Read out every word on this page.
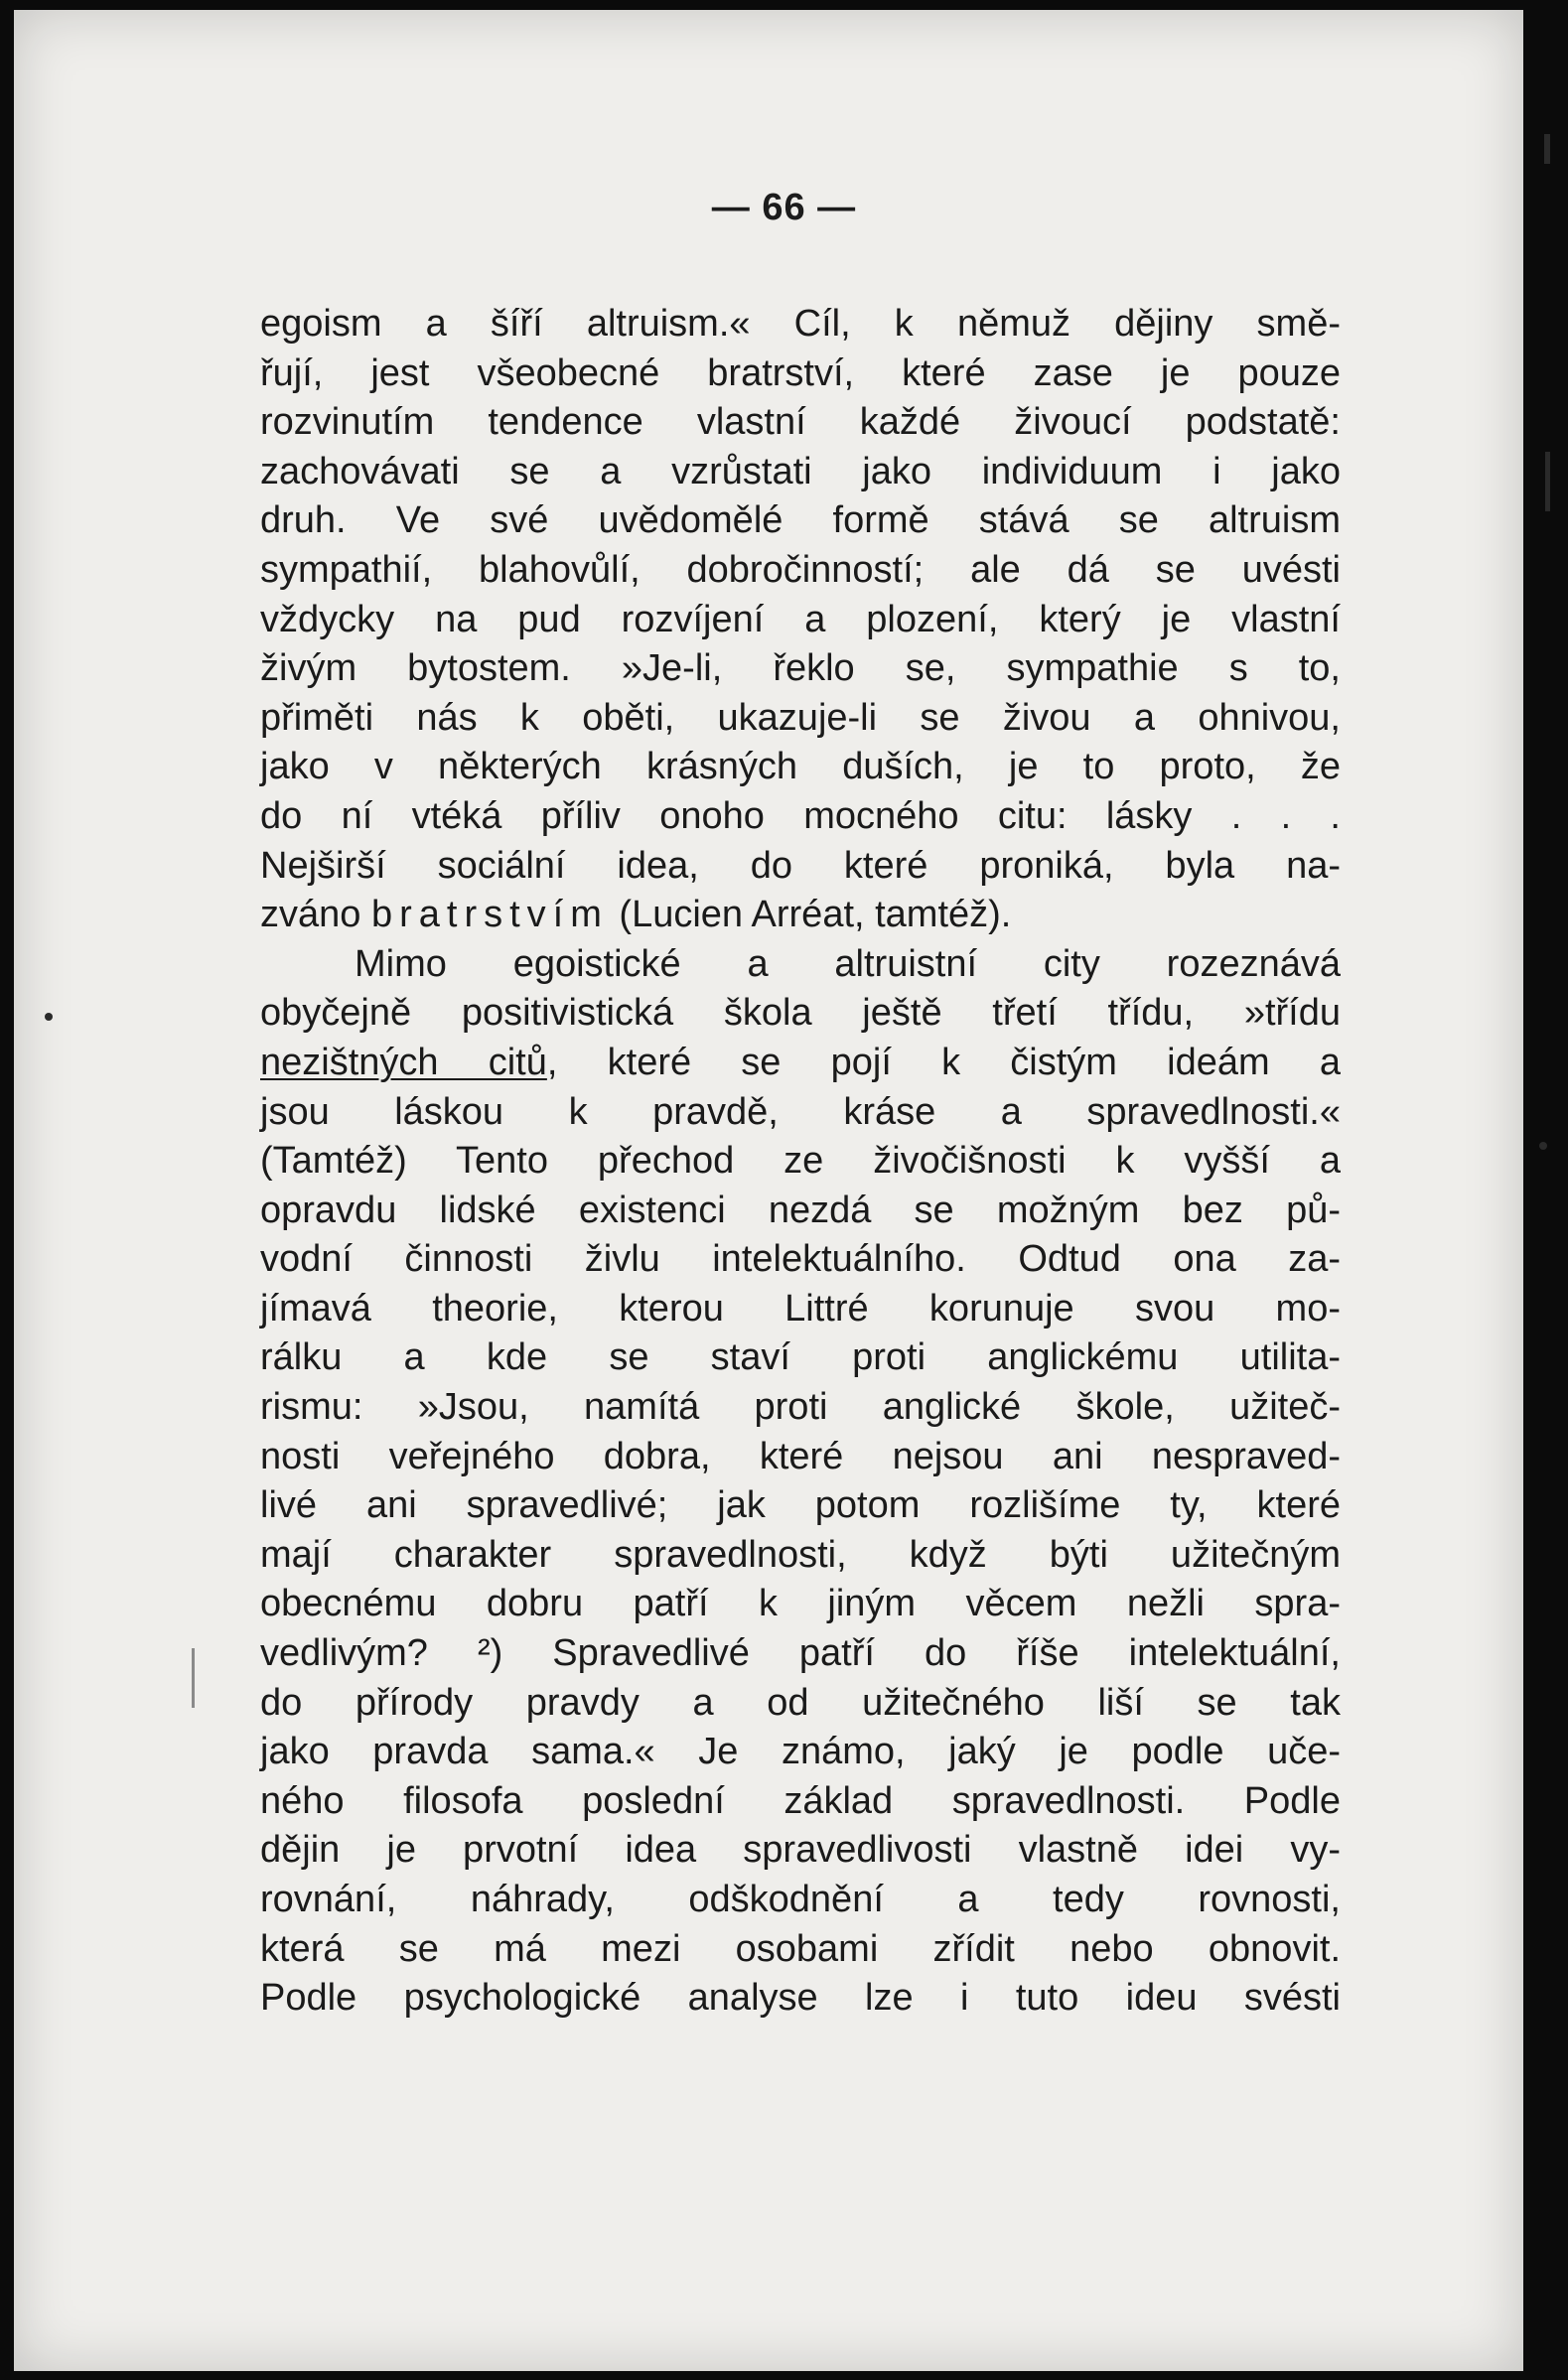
— 66 —
egoism a šíří altruism.« Cíl, k němuž dějiny smě-
řují, jest všeobecné bratrství, které zase je pouze
rozvinutím tendence vlastní každé živoucí podstatě:
zachovávati se a vzrůstati jako individuum i jako
druh. Ve své uvědomělé formě stává se altruism
sympathií, blahovůlí, dobročinností; ale dá se uvésti
vždycky na pud rozvíjení a plození, který je vlastní
živým bytostem. »Je-li, řeklo se, sympathie s to,
přiměti nás k oběti, ukazuje-li se živou a ohnivou,
jako v některých krásných duších, je to proto, že
do ní vtéká příliv onoho mocného citu: lásky . . .
Nejširší sociální idea, do které proniká, byla na-
zváno bratrstvím (Lucien Arréat, tamtéž).
Mimo egoistické a altruistní city rozeznává
obyčejně positivistická škola ještě třetí třídu, »třídu
nezištných citů, které se pojí k čistým ideám a
jsou láskou k pravdě, kráse a spravedlnosti.«
(Tamtéž) Tento přechod ze živočišnosti k vyšší a
opravdu lidské existenci nezdá se možným bez pů-
vodní činnosti živlu intelektuálního. Odtud ona za-
jímavá theorie, kterou Littré korunuje svou mo-
rálku a kde se staví proti anglickému utilita-
rismu: »Jsou, namítá proti anglické škole, užiteč-
nosti veřejného dobra, které nejsou ani nespraved-
livé ani spravedlivé; jak potom rozlišíme ty, které
mají charakter spravedlnosti, když býti užitečným
obecnému dobru patří k jiným věcem nežli spra-
vedlivým? ²) Spravedlivé patří do říše intelektuální,
do přírody pravdy a od užitečného liší se tak
jako pravda sama.« Je známo, jaký je podle uče-
ného filosofa poslední základ spravedlnosti. Podle
dějin je prvotní idea spravedlivosti vlastně idei vy-
rovnání, náhrady, odškodnění a tedy rovnosti,
která se má mezi osobami zřídit nebo obnovit.
Podle psychologické analyse lze i tuto ideu svésti
